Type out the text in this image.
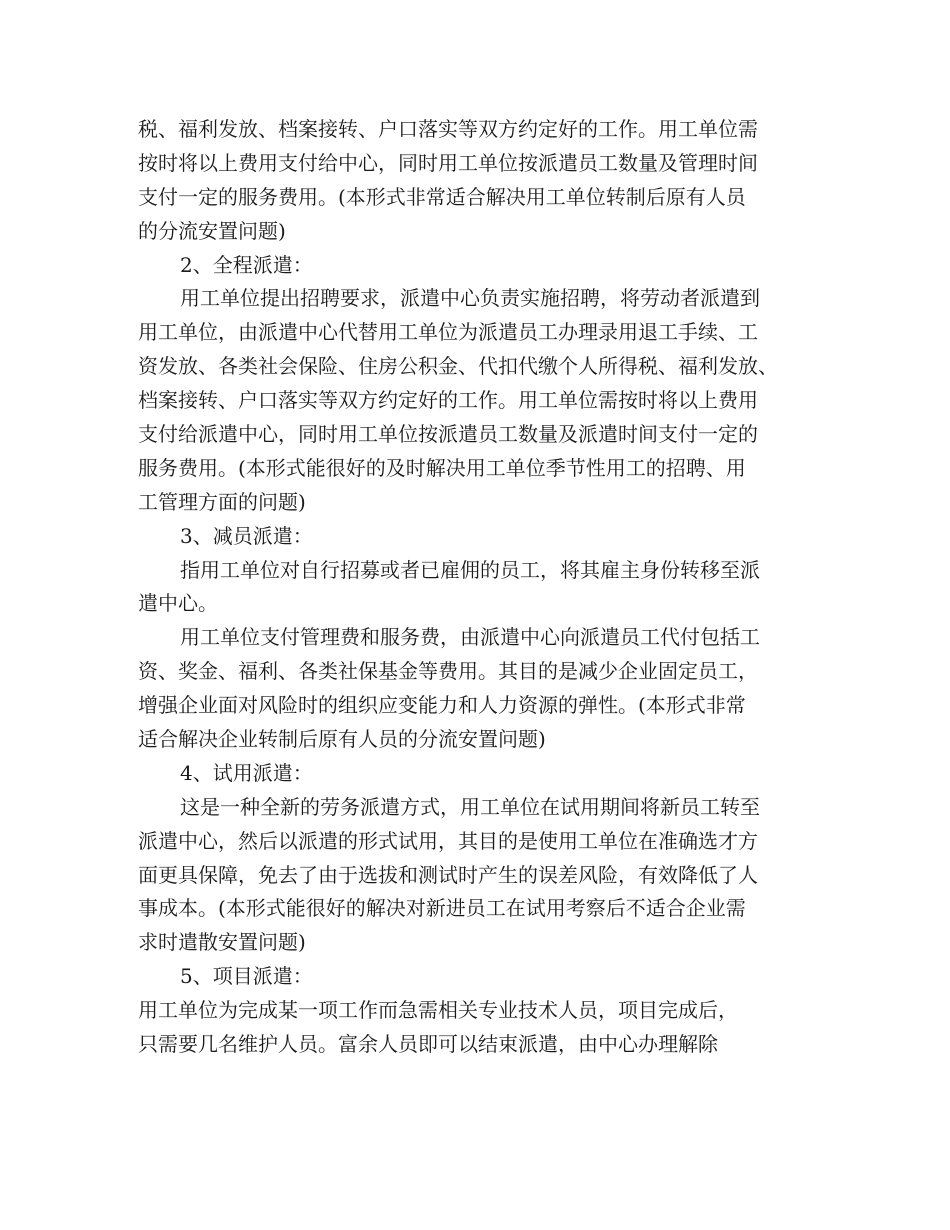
税、福利发放、档案接转、户口落实等双方约定好的工作。用工单位需
按时将以上费用支付给中心，同时用工单位按派遣员工数量及管理时间
支付一定的服务费用。(本形式非常适合解决用工单位转制后原有人员
的分流安置问题)
2、全程派遣：
用工单位提出招聘要求，派遣中心负责实施招聘，将劳动者派遣到
用工单位，由派遣中心代替用工单位为派遣员工办理录用退工手续、工
资发放、各类社会保险、住房公积金、代扣代缴个人所得税、福利发放、
档案接转、户口落实等双方约定好的工作。用工单位需按时将以上费用
支付给派遣中心，同时用工单位按派遣员工数量及派遣时间支付一定的
服务费用。(本形式能很好的及时解决用工单位季节性用工的招聘、用
工管理方面的问题)
3、减员派遣：
指用工单位对自行招募或者已雇佣的员工，将其雇主身份转移至派
遣中心。
用工单位支付管理费和服务费，由派遣中心向派遣员工代付包括工
资、奖金、福利、各类社保基金等费用。其目的是减少企业固定员工，
增强企业面对风险时的组织应变能力和人力资源的弹性。(本形式非常
适合解决企业转制后原有人员的分流安置问题)
4、试用派遣：
这是一种全新的劳务派遣方式，用工单位在试用期间将新员工转至
派遣中心，然后以派遣的形式试用，其目的是使用工单位在准确选才方
面更具保障，免去了由于选拔和测试时产生的误差风险，有效降低了人
事成本。(本形式能很好的解决对新进员工在试用考察后不适合企业需
求时遣散安置问题)
5、项目派遣：
用工单位为完成某一项工作而急需相关专业技术人员，项目完成后，
只需要几名维护人员。富余人员即可以结束派遣，由中心办理解除
